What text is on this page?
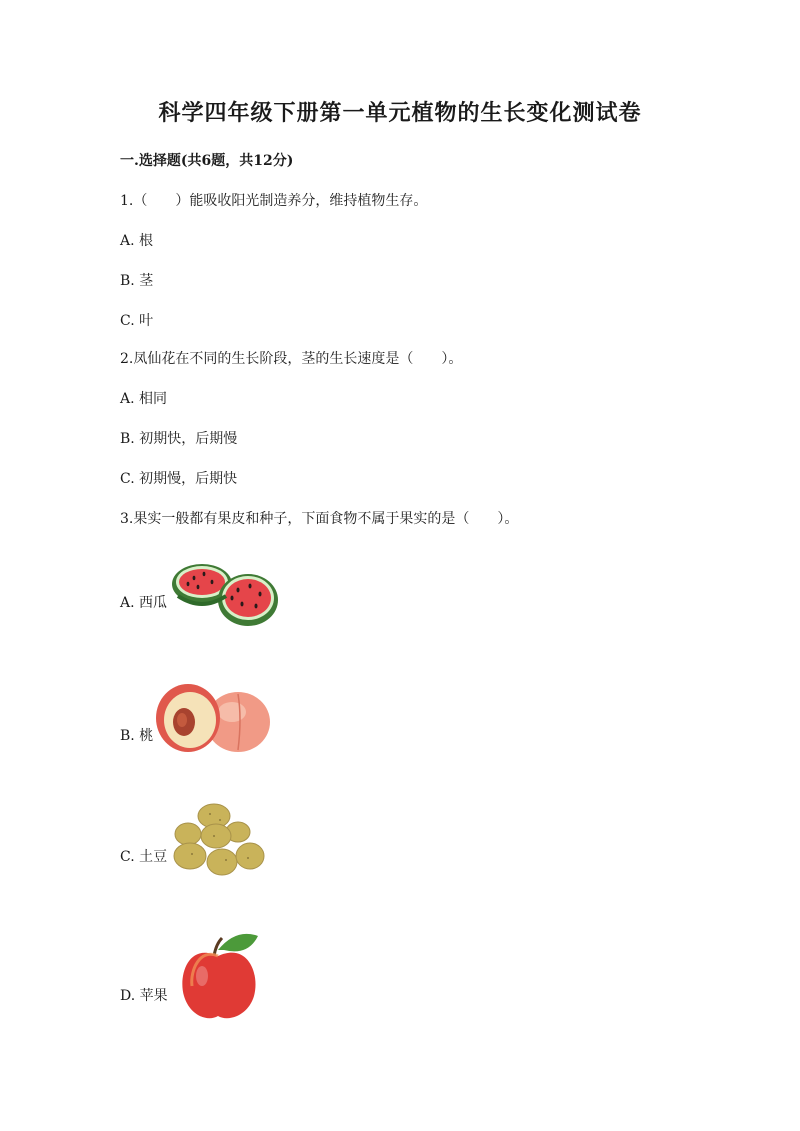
科学四年级下册第一单元植物的生长变化测试卷
一.选择题(共6题，共12分)
1.（　　）能吸收阳光制造养分，维持植物生存。
A. 根
B. 茎
C. 叶
2.凤仙花在不同的生长阶段，茎的生长速度是（　　）。
A. 相同
B. 初期快，后期慢
C. 初期慢，后期快
3.果实一般都有果皮和种子，下面食物不属于果实的是（　　）。
A. 西瓜
B. 桃
C. 土豆
D. 苹果
